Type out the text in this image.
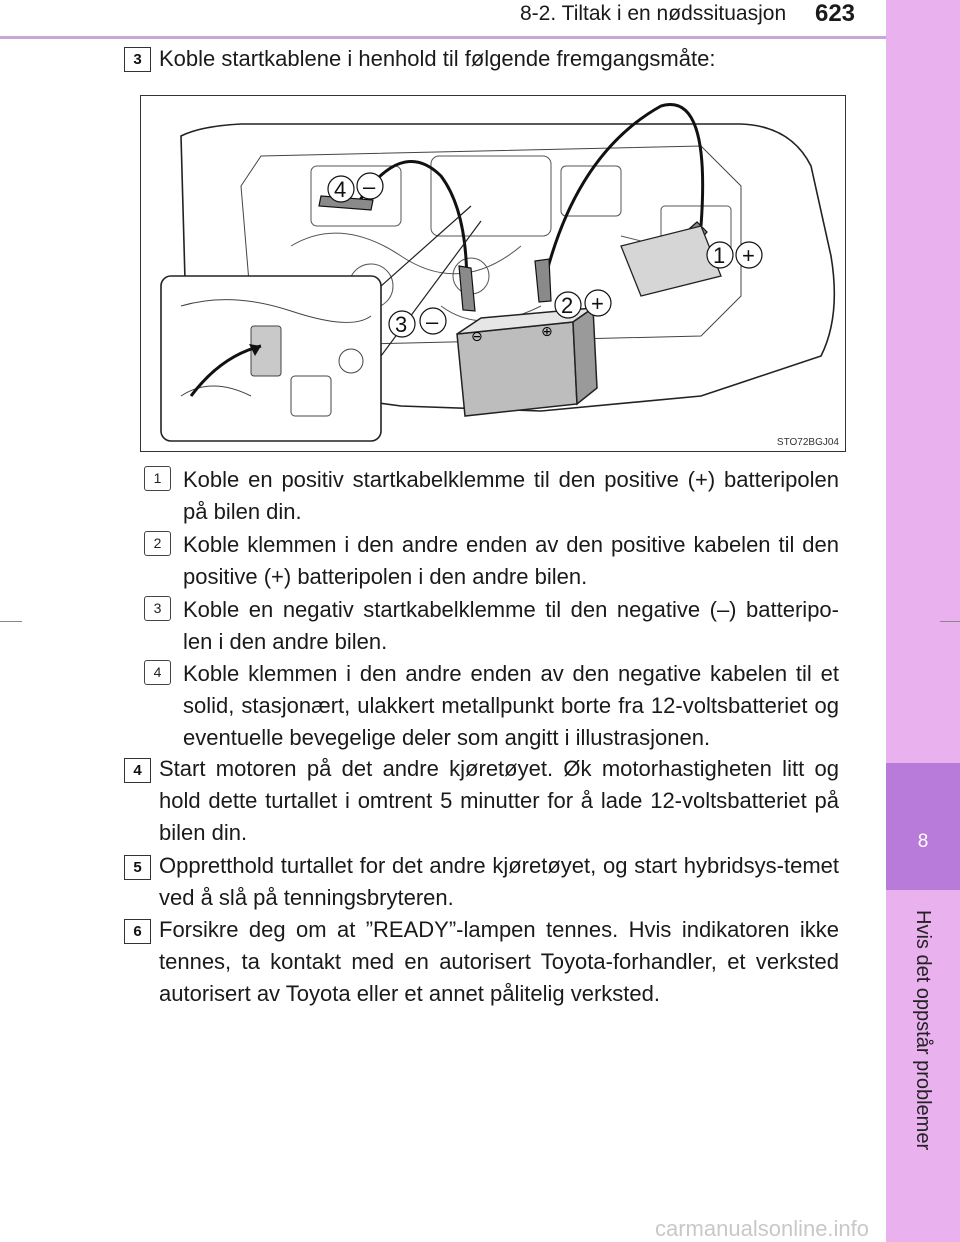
8-2. Tiltak i en nødssituasjon	623
8
Hvis det oppstår problemer
3 Koble startkablene i henhold til følgende fremgangsmåte:
⊖	⊕
4 –
1 +
2 +
3 –
STO72BGJ04
1 Koble en positiv startkabelklemme til den positive (+) batteripolen på bilen din.
2 Koble klemmen i den andre enden av den positive kabelen til den positive (+) batteripolen i den andre bilen.
3 Koble en negativ startkabelklemme til den negative (–) batteripo-len i den andre bilen.
4 Koble klemmen i den andre enden av den negative kabelen til et solid, stasjonært, ulakkert metallpunkt borte fra 12-voltsbatteriet og eventuelle bevegelige deler som angitt i illustrasjonen.
4 Start motoren på det andre kjøretøyet. Øk motorhastigheten litt og hold dette turtallet i omtrent 5 minutter for å lade 12-voltsbatteriet på bilen din.
5 Oppretthold turtallet for det andre kjøretøyet, og start hybridsys-temet ved å slå på tenningsbryteren.
6 Forsikre deg om at ”READY”-lampen tennes. Hvis indikatoren ikke tennes, ta kontakt med en autorisert Toyota-forhandler, et verksted autorisert av Toyota eller et annet pålitelig verksted.
carmanualsonline.info
